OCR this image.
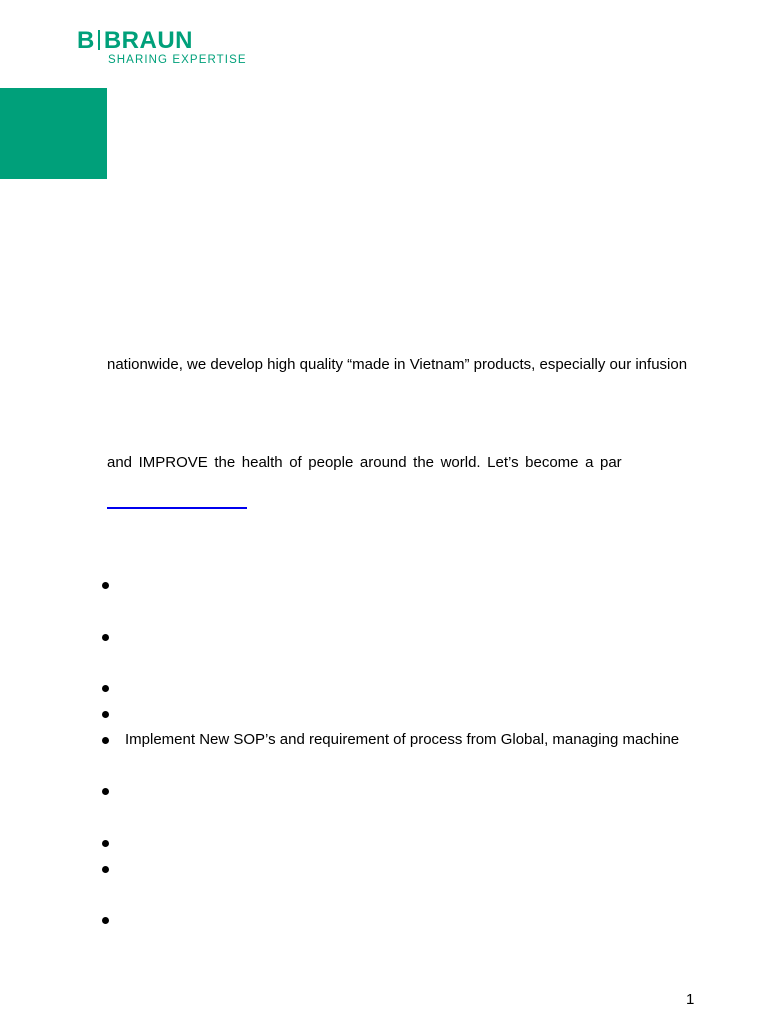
B BRAUN
SHARING EXPERTISE
nationwide, we develop high quality “made in Vietnam” products, especially our infusion
and IMPROVE the health of people around the world. Let’s become a par
Implement New SOP’s and requirement of process from Global, managing machine
1
